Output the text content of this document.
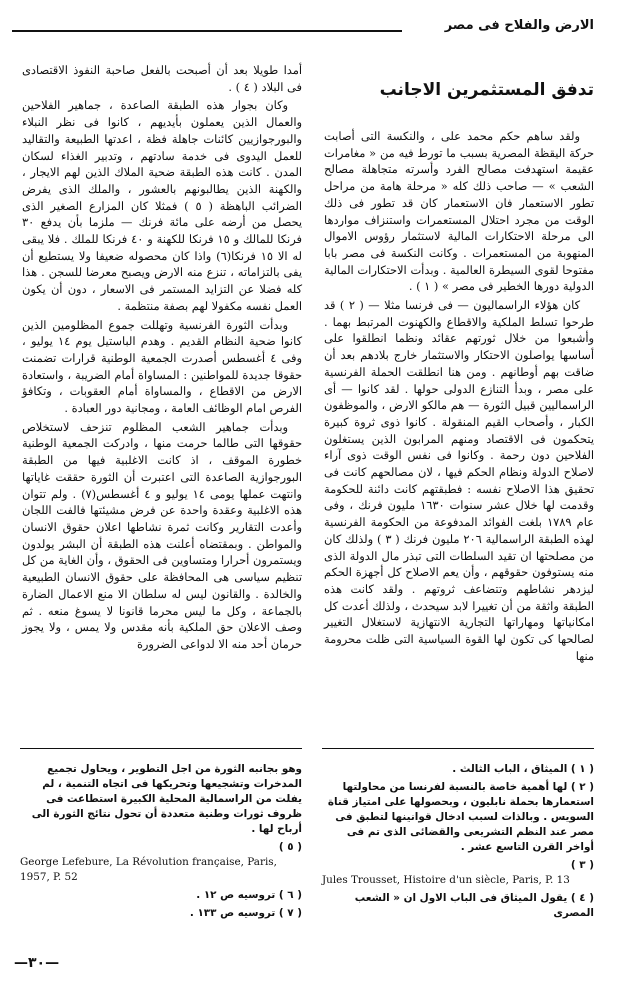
الارض والفلاح فى مصر
تدفق المستثمرين الاجانب

ولقد ساهم حكم محمد على ، والنكسة التى أصابت حركة اليقظة المصرية بسبب ما تورط فيه من « مغامرات عقيمة استهدفت مصالح الفرد وأسرته متجاهلة مصالح الشعب » — صاحب ذلك كله « مرحلة هامة من مراحل تطور الاستعمار فان الاستعمار كان قد تطور فى ذلك الوقت من مجرد احتلال المستعمرات واستنزاف مواردها الى مرحلة الاحتكارات المالية لاستثمار رؤوس الاموال المنهوبة من المستعمرات . وكانت النكسة فى مصر بابا مفتوحا لقوى السيطرة العالمية . وبدأت الاحتكارات المالية الدولية دورها الخطير فى مصر » ( ١ ) .

كان هؤلاء الراسماليون — فى فرنسا مثلا — ( ٢ ) قد طرحوا تسلط الملكية والاقطاع والكهنوت المرتبط بهما . وأشبعوا من خلال ثورتهم عقائد ونظما انطلقوا على أساسها يواصلون الاحتكار والاستثمار خارج بلادهم بعد أن ضاقت بهم أوطانهم . ومن هنا انطلقت الحملة الفرنسية على مصر ، وبدأ التنازع الدولى حولها . لقد كانوا — أى الراسماليين قبيل الثورة — هم مالكو الارض ، والموظفون الكبار ، وأصحاب القيم المنقولة . كانوا ذوى ثروة كبيرة يتحكمون فى الاقتصاد ومنهم المرابون الذين يستغلون الفلاحين دون رحمة . وكانوا فى نفس الوقت ذوى آراء لاصلاح الدولة ونظام الحكم فيها ، لان مصالحهم كانت فى تحقيق هذا الاصلاح نفسه : فطبقتهم كانت دائنة للحكومة وقدمت لها خلال عشر سنوات ١٦٣٠ مليون فرنك ، وفى عام ١٧٨٩ بلغت الفوائد المدفوعة من الحكومة الفرنسية لهذه الطبقة الراسمالية ٢٠٦ مليون فرنك ( ٣ ) ولذلك كان من مصلحتها ان تقيد السلطات التى تبذر مال الدولة الذى منه يستوفون حقوقهم ، وأن يعم الاصلاح كل أجهزة الحكم ليزدهر نشاطهم وتتضاعف ثروتهم . ولقد كانت هذه الطبقة واثقة من أن تغييرا لابد سيحدث ، ولذلك أعدت كل امكانياتها ومهاراتها التجارية الانتهازية لاستغلال التغيير لصالحها كى تكون لها القوة السياسية التى ظلت محرومة منها

أمدا طويلا بعد أن أصبحت بالفعل صاحبة النفوذ الاقتصادى فى البلاد ( ٤ ) .

وكان بجوار هذه الطبقة الصاعدة ، جماهير الفلاحين والعمال الذين يعملون بأيديهم ، كانوا فى نظر النبلاء والبورجوازيين كائنات جاهلة فظة ، اعدتها الطبيعة والتقاليد للعمل اليدوى فى خدمة سادتهم ، وتدبير الغذاء لسكان المدن . كانت هذه الطبقة ضحية الملاك الذين لهم الايجار ، والكهنة الذين يطالبونهم بالعشور ، والملك الذى يفرض الضرائب الباهظة ( ٥ ) فمثلا كان المزارع الصغير الذى يحصل من أرضه على مائة فرنك — ملزما بأن يدفع ٣٠ فرنكا للمالك و ١٥ فرنكا للكهنة و ٤٠ فرنكا للملك . فلا يبقى له الا ١٥ فرنكا(٦) واذا كان محصوله ضعيفا ولا يستطيع أن يفى بالتزاماته ، تنزع منه الارض ويصبح معرضا للسجن . هذا كله فضلا عن التزايد المستمر فى الاسعار ، دون أن يكون العمل نفسه مكفولا لهم بصفة منتظمة .

وبدأت الثورة الفرنسية وتهللت جموع المظلومين الذين كانوا ضحية النظام القديم . وهدم الباستيل يوم ١٤ يوليو ، وفى ٤ أغسطس أصدرت الجمعية الوطنية قرارات تضمنت حقوقا جديدة للمواطنين : المساواة أمام الضريبة ، واستعادة الارض من الاقطاع ، والمساواة أمام العقوبات ، وتكافؤ الفرص امام الوظائف العامة ، ومجانية دور العبادة .

وبدأت جماهير الشعب المظلوم تنزحف لاستخلاص حقوقها التى طالما حرمت منها ، وادركت الجمعية الوطنية خطورة الموقف ، اذ كانت الاغلبية فيها من الطبقة البورجوازية الصاعدة التى اعتبرت أن الثورة حققت غاياتها وانتهت عملها يومى ١٤ يوليو و ٤ أغسطس(٧) . ولم تتوان هذه الاغلبية وعقدة واحدة عن فرض مشيئتها فالفت اللجان وأعدت التقارير وكانت ثمرة نشاطها اعلان حقوق الانسان والمواطن . وبمقتضاه أعلنت هذه الطبقة أن البشر يولدون ويستمرون أحرارا ومتساوين فى الحقوق ، وأن الغاية من كل تنظيم سياسى هى المحافظة على حقوق الانسان الطبيعية والخالدة . والقانون ليس له سلطان الا منع الاعمال الضارة بالجماعة ، وكل ما ليس محرما قانونا لا يسوغ منعه . ثم وصف الاعلان حق الملكية بأنه مقدس ولا يمس ، ولا يجوز حرمان أحد منه الا لدواعى الضرورة

( ١ ) الميثاق ، الباب الثالث .
( ٢ ) لها أهمية خاصة بالنسبة لفرنسا من محاولتها استعمارها بحملة نابليون ، وبحصولها على امتياز قناة السويس . وبالذات لسبب ادخال قوانينها لتطبق فى مصر عند النظم التشريعى والقضائى الذى تم فى أواخر القرن التاسع عشر .
( ٣ )
Jules Trousset, Histoire d'un siècle, Paris, P. 13
( ٤ ) يقول الميثاق فى الباب الاول ان « الشعب المصرى
وهو بجانبه الثورة من اجل التطوير ، ويحاول تجميع المدخرات وتشجيعها وتحريكها فى اتجاه التنمية ، لم يفلت من الراسمالية المحلية الكبيرة استطاعت فى ظروف ثورات وطنية متعددة أن تحول نتائج الثورة الى أرباح لها .
( ٥ )
George Lefebure, La Révolution française, Paris, 1957, P. 52
( ٦ ) تروسيه ص ١٢ .
( ٧ ) تروسيه ص ١٣٣ .
—٣٠—
